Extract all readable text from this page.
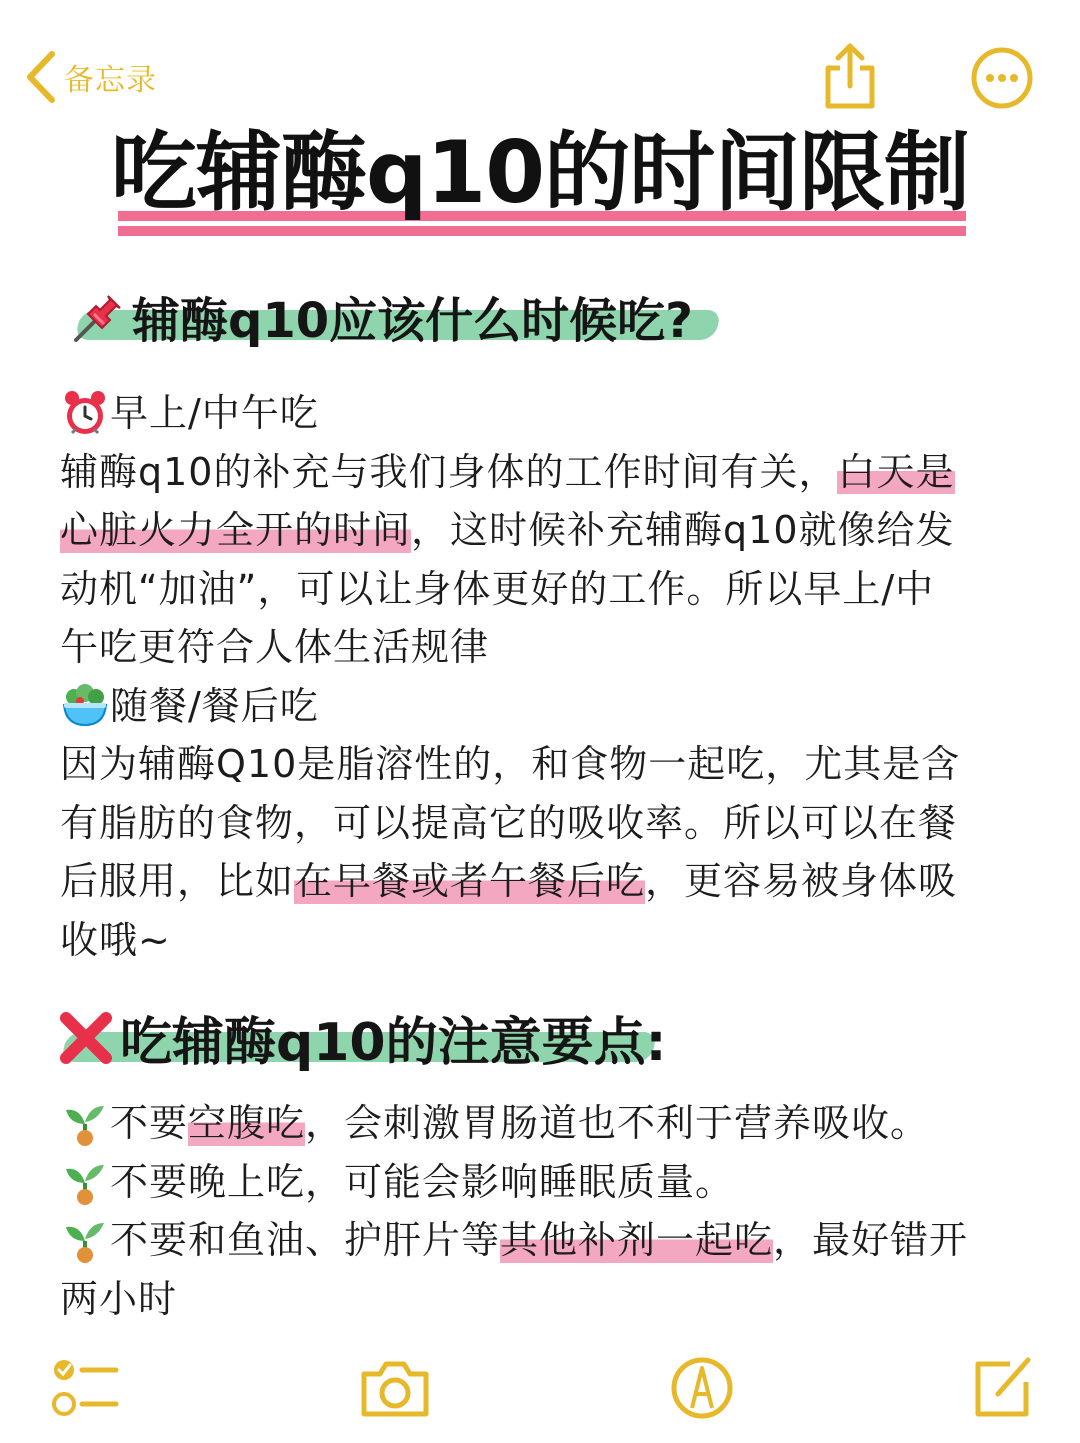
备忘录
吃辅酶q10的时间限制
辅酶q10应该什么时候吃?
早上/中午吃
辅酶q10的补充与我们身体的工作时间有关， 白天是
心脏火力全开的时间 ，这时候补充辅酶q10就像给发
动机“加油”，可以让身体更好的工作。所以早上/中
午吃更符合人体生活规律
随餐/餐后吃
因为辅酶Q10是脂溶性的，和食物一起吃，尤其是含
有脂肪的食物，可以提高它的吸收率。所以可以在餐
后服用，比如 在早餐或者午餐后吃 ，更容易被身体吸
收哦~
吃辅酶q10的注意要点:
不要 空腹吃 ，会刺激胃肠道也不利于营养吸收。
不要晚上吃，可能会影响睡眠质量。
不要和鱼油、护肝片等 其他补剂一起吃 ，最好错开
两小时
